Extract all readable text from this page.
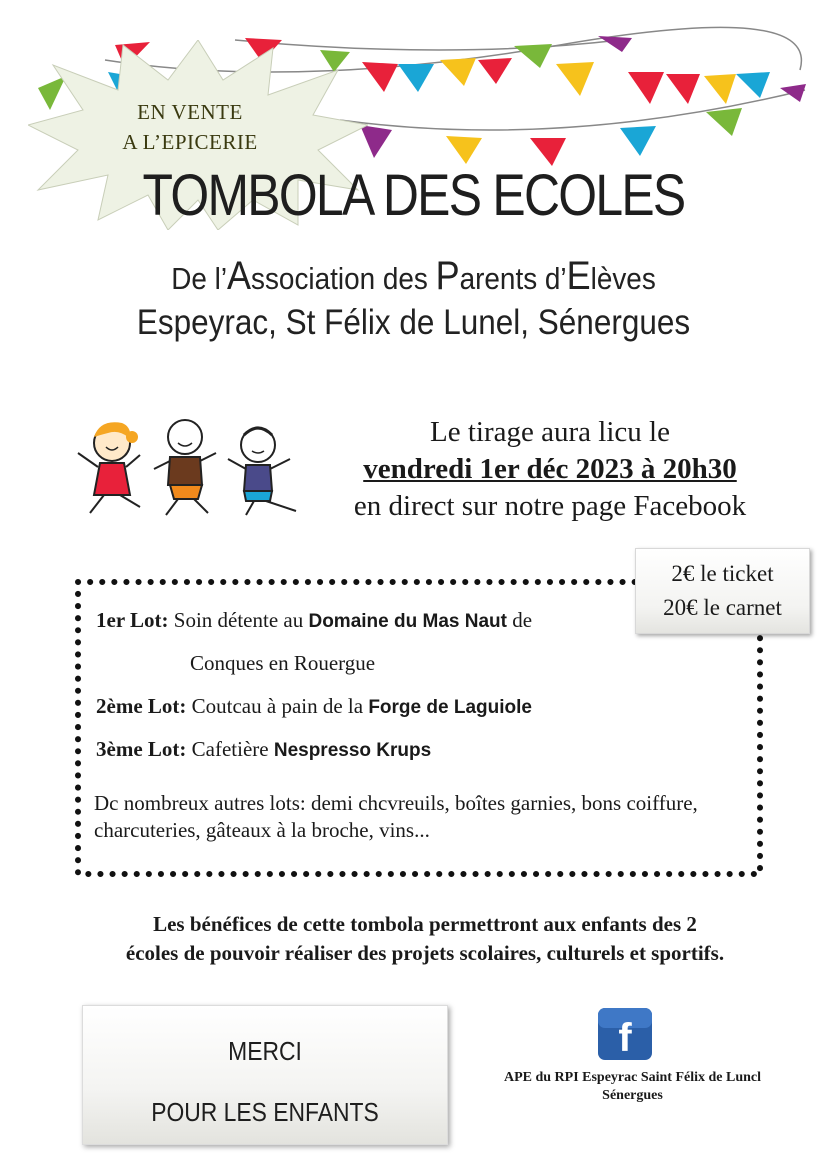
EN VENTE
A L’EPICERIE
TOMBOLA DES ECOLES
De l’Association des Parents d’Elèves
Espeyrac, St Félix de Lunel, Sénergues
Le tirage aura licu le
vendredi 1er déc 2023 à 20h30
en direct sur notre page Facebook
2€ le ticket
20€ le carnet
1er Lot: Soin détente au Domaine du Mas Naut de
Conques en Rouergue
2ème Lot: Coutcau à pain de la Forge de Laguiole
3ème Lot: Cafetière Nespresso Krups
Dc nombreux autres lots: demi chcvreuils, boîtes garnies, bons coiffure, charcuteries, gâteaux à la broche, vins...
Les bénéfices de cette tombola permettront aux enfants des 2
écoles de pouvoir réaliser des projets scolaires, culturels et sportifs.
MERCI
POUR LES ENFANTS
f
APE du RPI Espeyrac Saint Félix de Luncl
Sénergues
